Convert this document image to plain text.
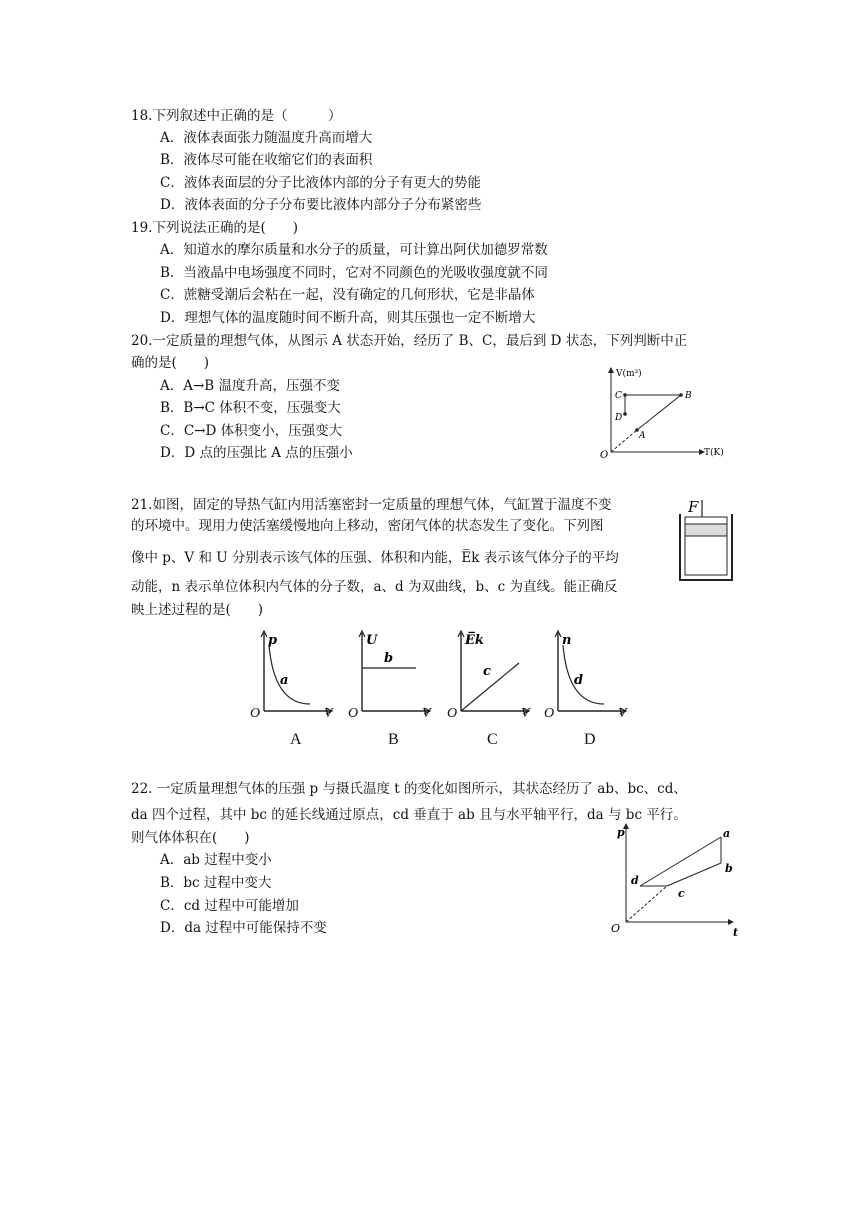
18.下列叙述中正确的是（　　　）
A．液体表面张力随温度升高而增大
B．液体尽可能在收缩它们的表面积
C．液体表面层的分子比液体内部的分子有更大的势能
D．液体表面的分子分布要比液体内部分子分布紧密些
19.下列说法正确的是(　　)
A．知道水的摩尔质量和水分子的质量，可计算出阿伏加德罗常数
B．当液晶中电场强度不同时，它对不同颜色的光吸收强度就不同
C．蔗糖受潮后会粘在一起，没有确定的几何形状，它是非晶体
D．理想气体的温度随时间不断升高，则其压强也一定不断增大
20.一定质量的理想气体，从图示 A 状态开始，经历了 B、C，最后到 D 状态，下列判断中正
确的是(　　)
A．A→B 温度升高，压强不变
B．B→C 体积不变，压强变大
C．C→D 体积变小，压强变大
D．D 点的压强比 A 点的压强小
V(m³)
T(K)
O
A
B
C
D
21.如图，固定的导热气缸内用活塞密封一定质量的理想气体，气缸置于温度不变
的环境中。现用力使活塞缓慢地向上移动，密闭气体的状态发生了变化。下列图
像中 p、V 和 U 分别表示该气体的压强、体积和内能，E̅k 表示该气体分子的平均
动能，n 表示单位体积内气体的分子数，a、d 为双曲线，b、c 为直线。能正确反
映上述过程的是(　　)
F
p
a
O	V
A
U
b
O	V
B
E̅k
c
O	V
C
n
d
O	V
D
22. 一定质量理想气体的压强 p 与摄氏温度 t 的变化如图所示，其状态经历了 ab、bc、cd、
da 四个过程，其中 bc 的延长线通过原点，cd 垂直于 ab 且与水平轴平行，da 与 bc 平行。
则气体体积在(　　)
A．ab 过程中变小
B．bc 过程中变大
C．cd 过程中可能增加
D．da 过程中可能保持不变
p
t
O
a
b
c
d
